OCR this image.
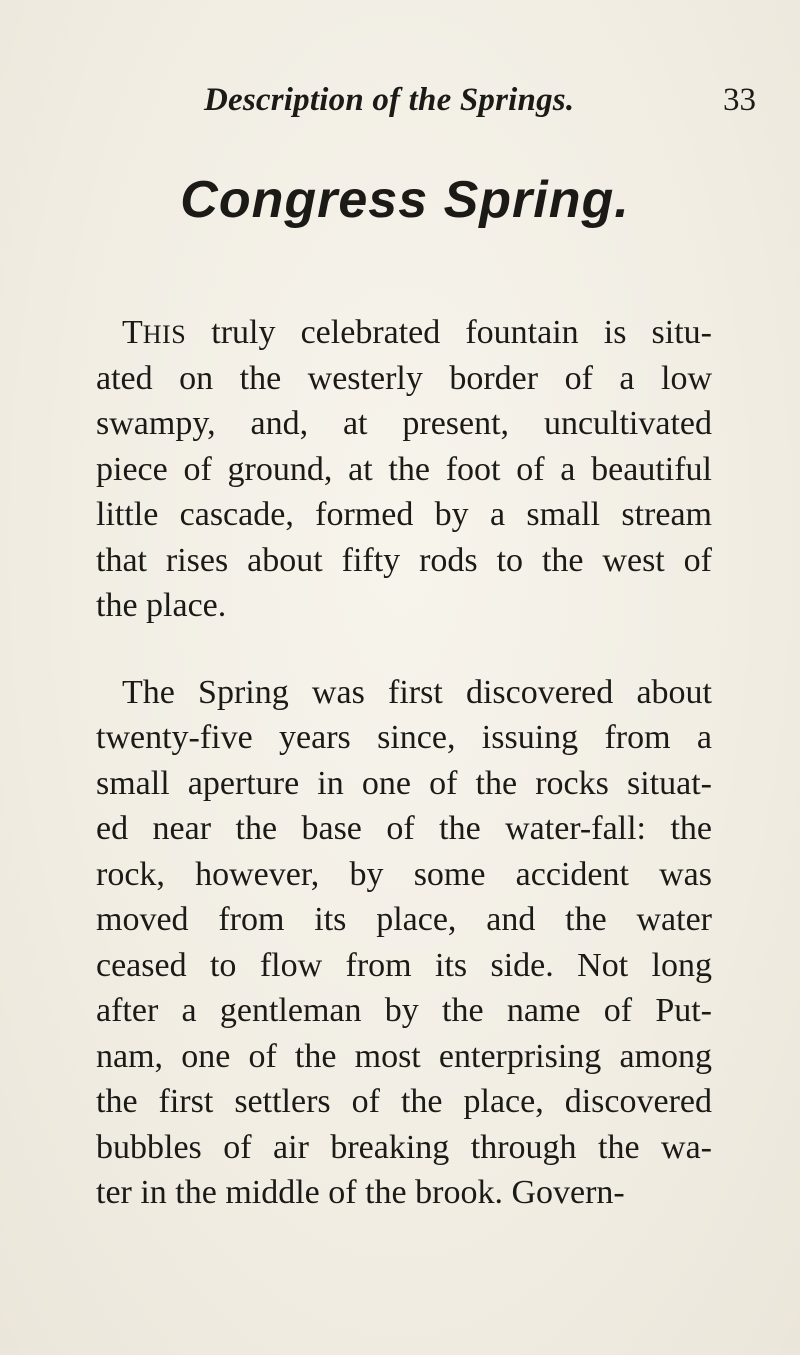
Description of the Springs.	33
Congress Spring.
THIS truly celebrated fountain is situ-
ated on the westerly border of a low
swampy, and, at present, uncultivated
piece of ground, at the foot of a beautiful
little cascade, formed by a small stream
that rises about fifty rods to the west of
the place.
The Spring was first discovered about
twenty-five years since, issuing from a
small aperture in one of the rocks situat-
ed near the base of the water-fall: the
rock, however, by some accident was
moved from its place, and the water
ceased to flow from its side. Not long
after a gentleman by the name of Put-
nam, one of the most enterprising among
the first settlers of the place, discovered
bubbles of air breaking through the wa-
ter in the middle of the brook. Govern-
